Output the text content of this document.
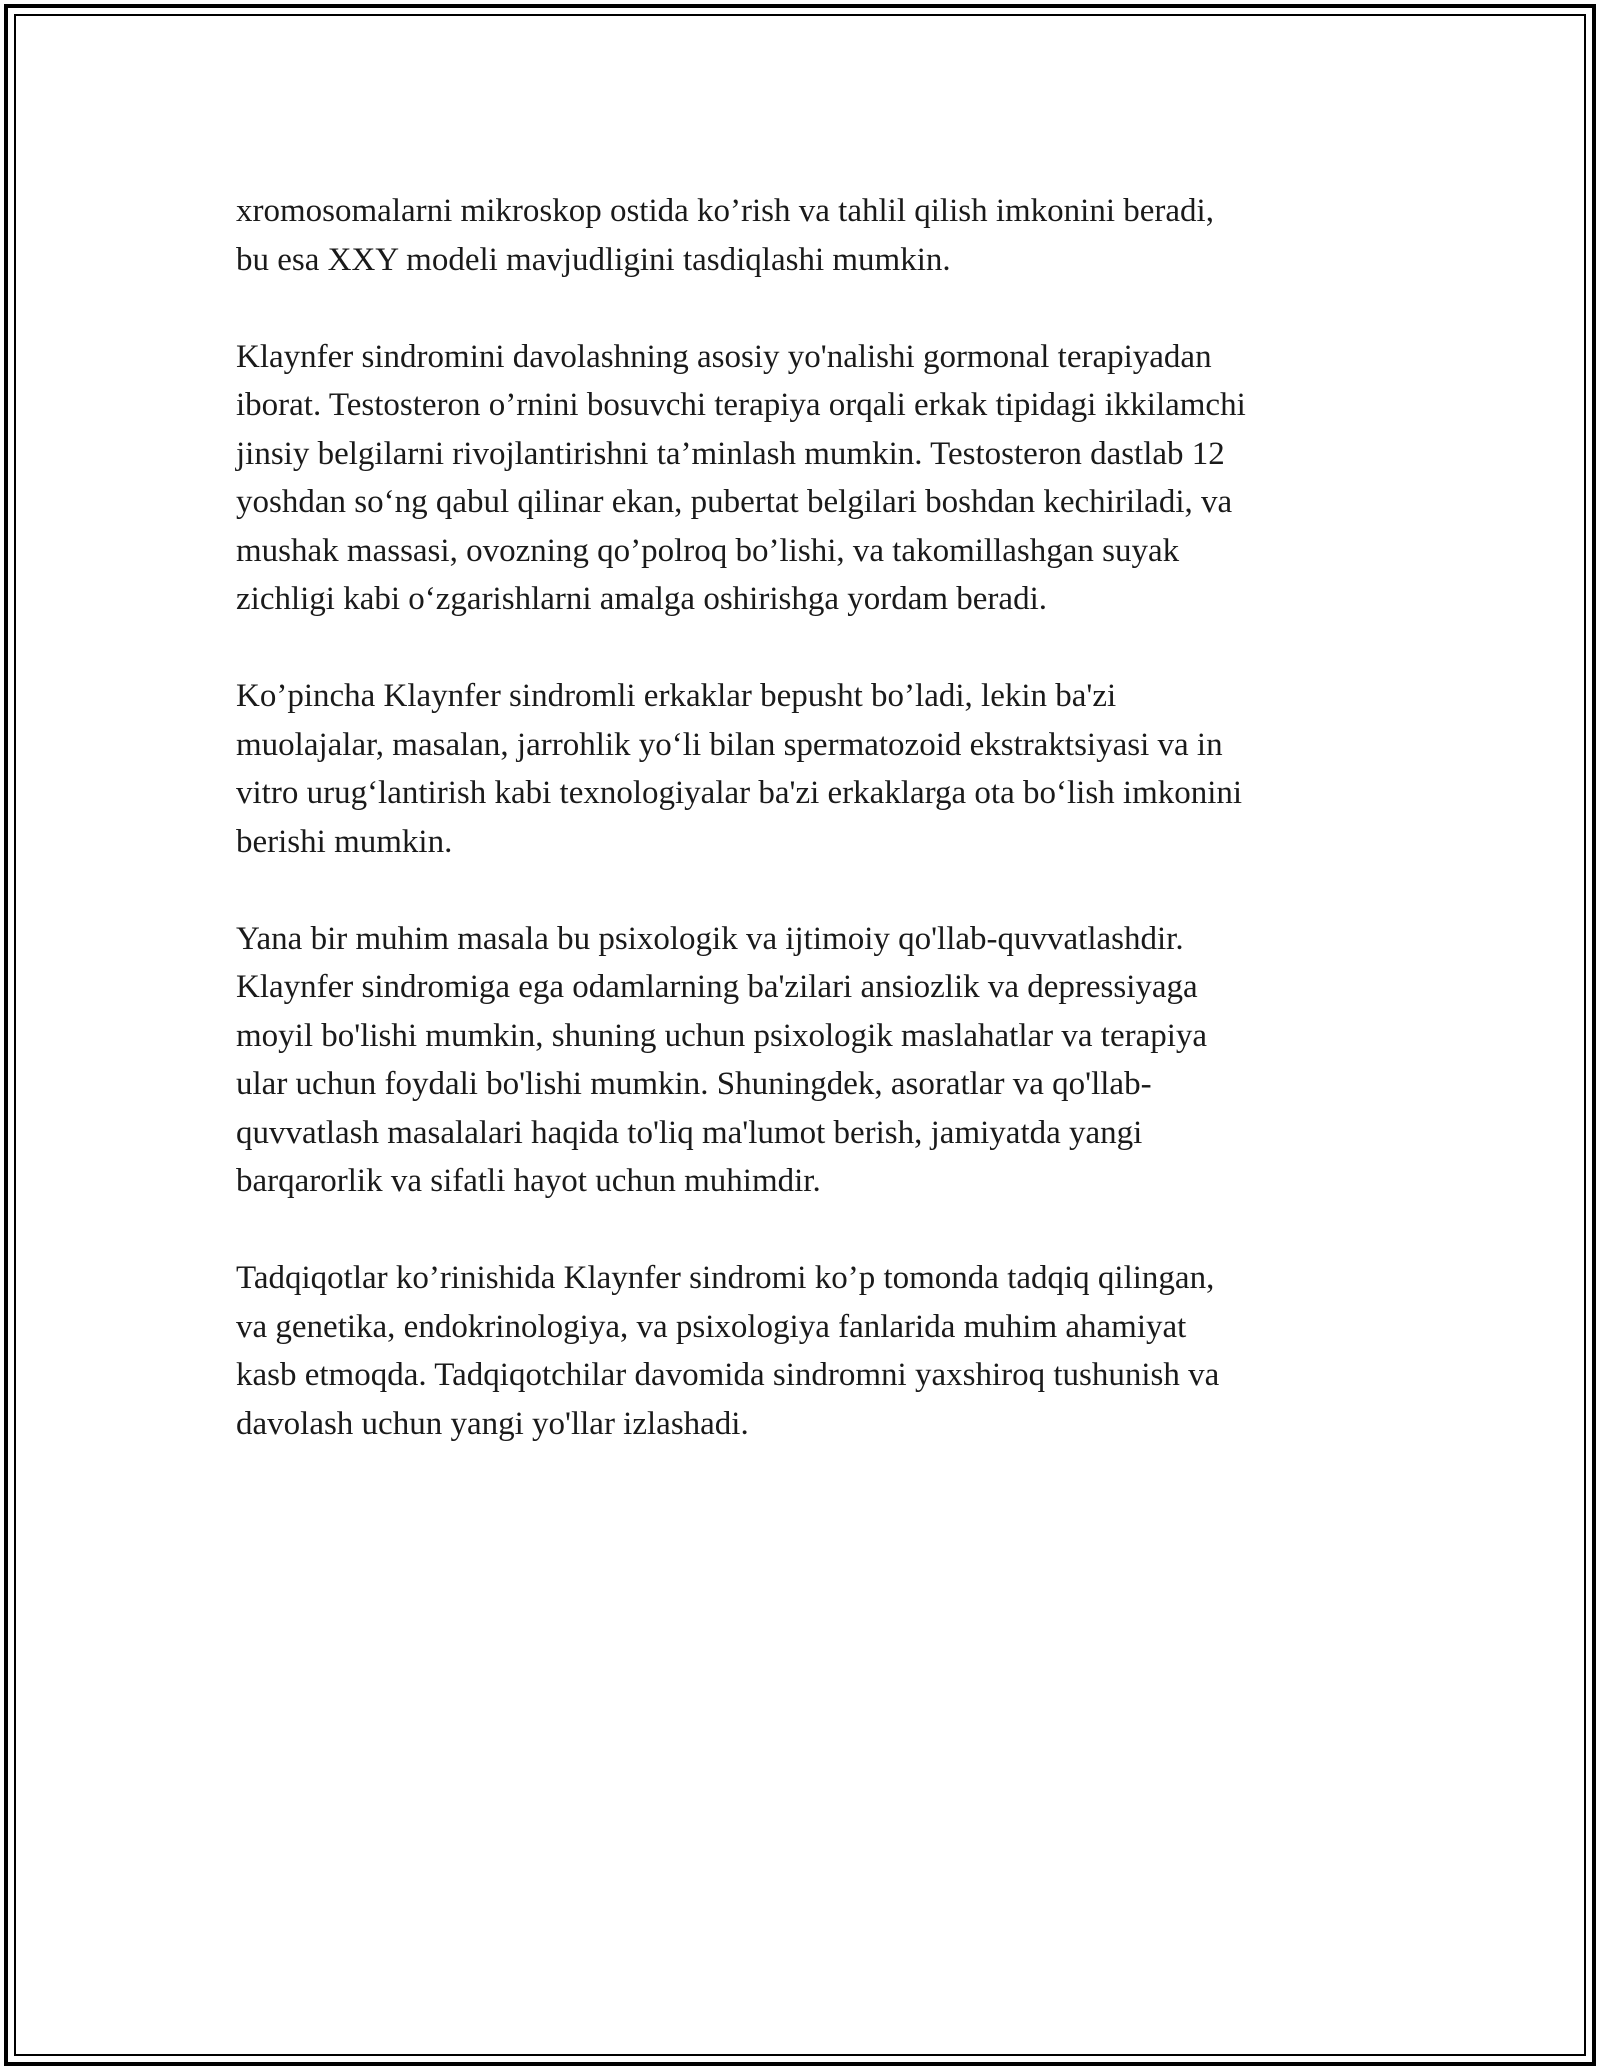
xromosomalarni mikroskop ostida ko’rish va tahlil qilish imkonini beradi,
bu esa XXY modeli mavjudligini tasdiqlashi mumkin.

Klaynfer sindromini davolashning asosiy yo'nalishi gormonal terapiyadan
iborat. Testosteron o’rnini bosuvchi terapiya orqali erkak tipidagi ikkilamchi
jinsiy belgilarni rivojlantirishni ta’minlash mumkin. Testosteron dastlab 12
yoshdan so‘ng qabul qilinar ekan, pubertat belgilari boshdan kechiriladi, va
mushak massasi, ovozning qo’polroq bo’lishi, va takomillashgan suyak
zichligi kabi o‘zgarishlarni amalga oshirishga yordam beradi.

Ko’pincha Klaynfer sindromli erkaklar bepusht bo’ladi, lekin ba'zi
muolajalar, masalan, jarrohlik yo‘li bilan spermatozoid ekstraktsiyasi va in
vitro urug‘lantirish kabi texnologiyalar ba'zi erkaklarga ota bo‘lish imkonini
berishi mumkin.

Yana bir muhim masala bu psixologik va ijtimoiy qo'llab-quvvatlashdir.
Klaynfer sindromiga ega odamlarning ba'zilari ansiozlik va depressiyaga
moyil bo'lishi mumkin, shuning uchun psixologik maslahatlar va terapiya
ular uchun foydali bo'lishi mumkin. Shuningdek, asoratlar va qo'llab-
quvvatlash masalalari haqida to'liq ma'lumot berish, jamiyatda yangi
barqarorlik va sifatli hayot uchun muhimdir.

Tadqiqotlar ko’rinishida Klaynfer sindromi ko’p tomonda tadqiq qilingan,
va genetika, endokrinologiya, va psixologiya fanlarida muhim ahamiyat
kasb etmoqda. Tadqiqotchilar davomida sindromni yaxshiroq tushunish va
davolash uchun yangi yo'llar izlashadi.
